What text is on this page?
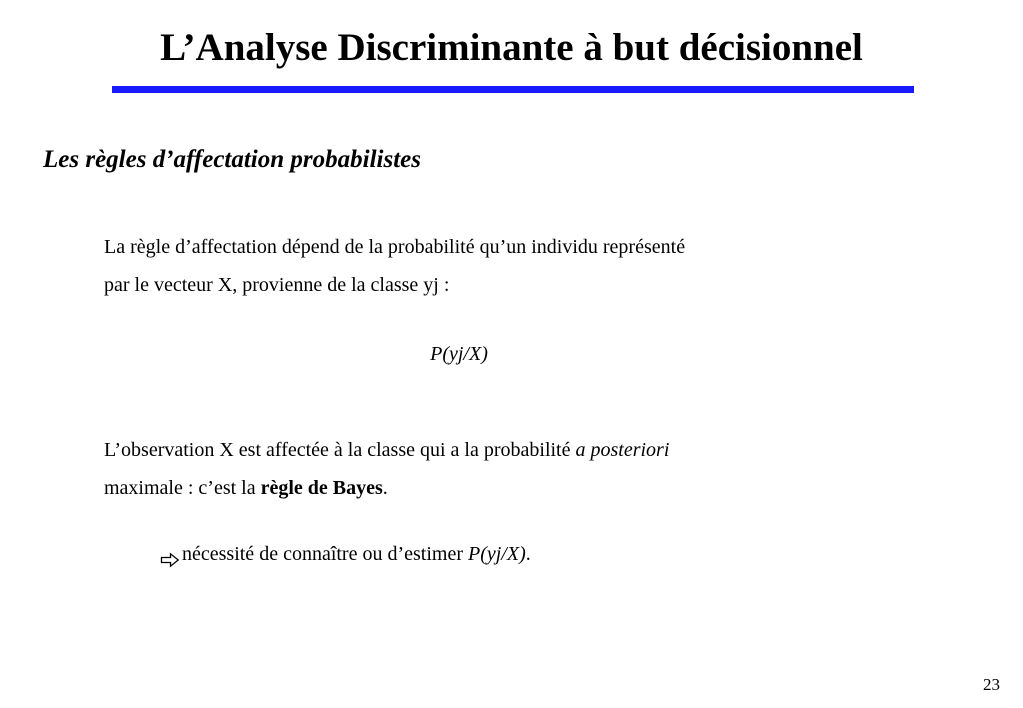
L’Analyse Discriminante à but décisionnel
Les règles d’affectation probabilistes
La règle d’affectation dépend de la probabilité qu’un individu représenté
par le vecteur X, provienne de la classe yj :
P(yj/X)
L’observation X est affectée à la classe qui a la probabilité a posteriori
maximale : c’est la règle de Bayes.
nécessité de connaître ou d’estimer P(yj/X).
23
